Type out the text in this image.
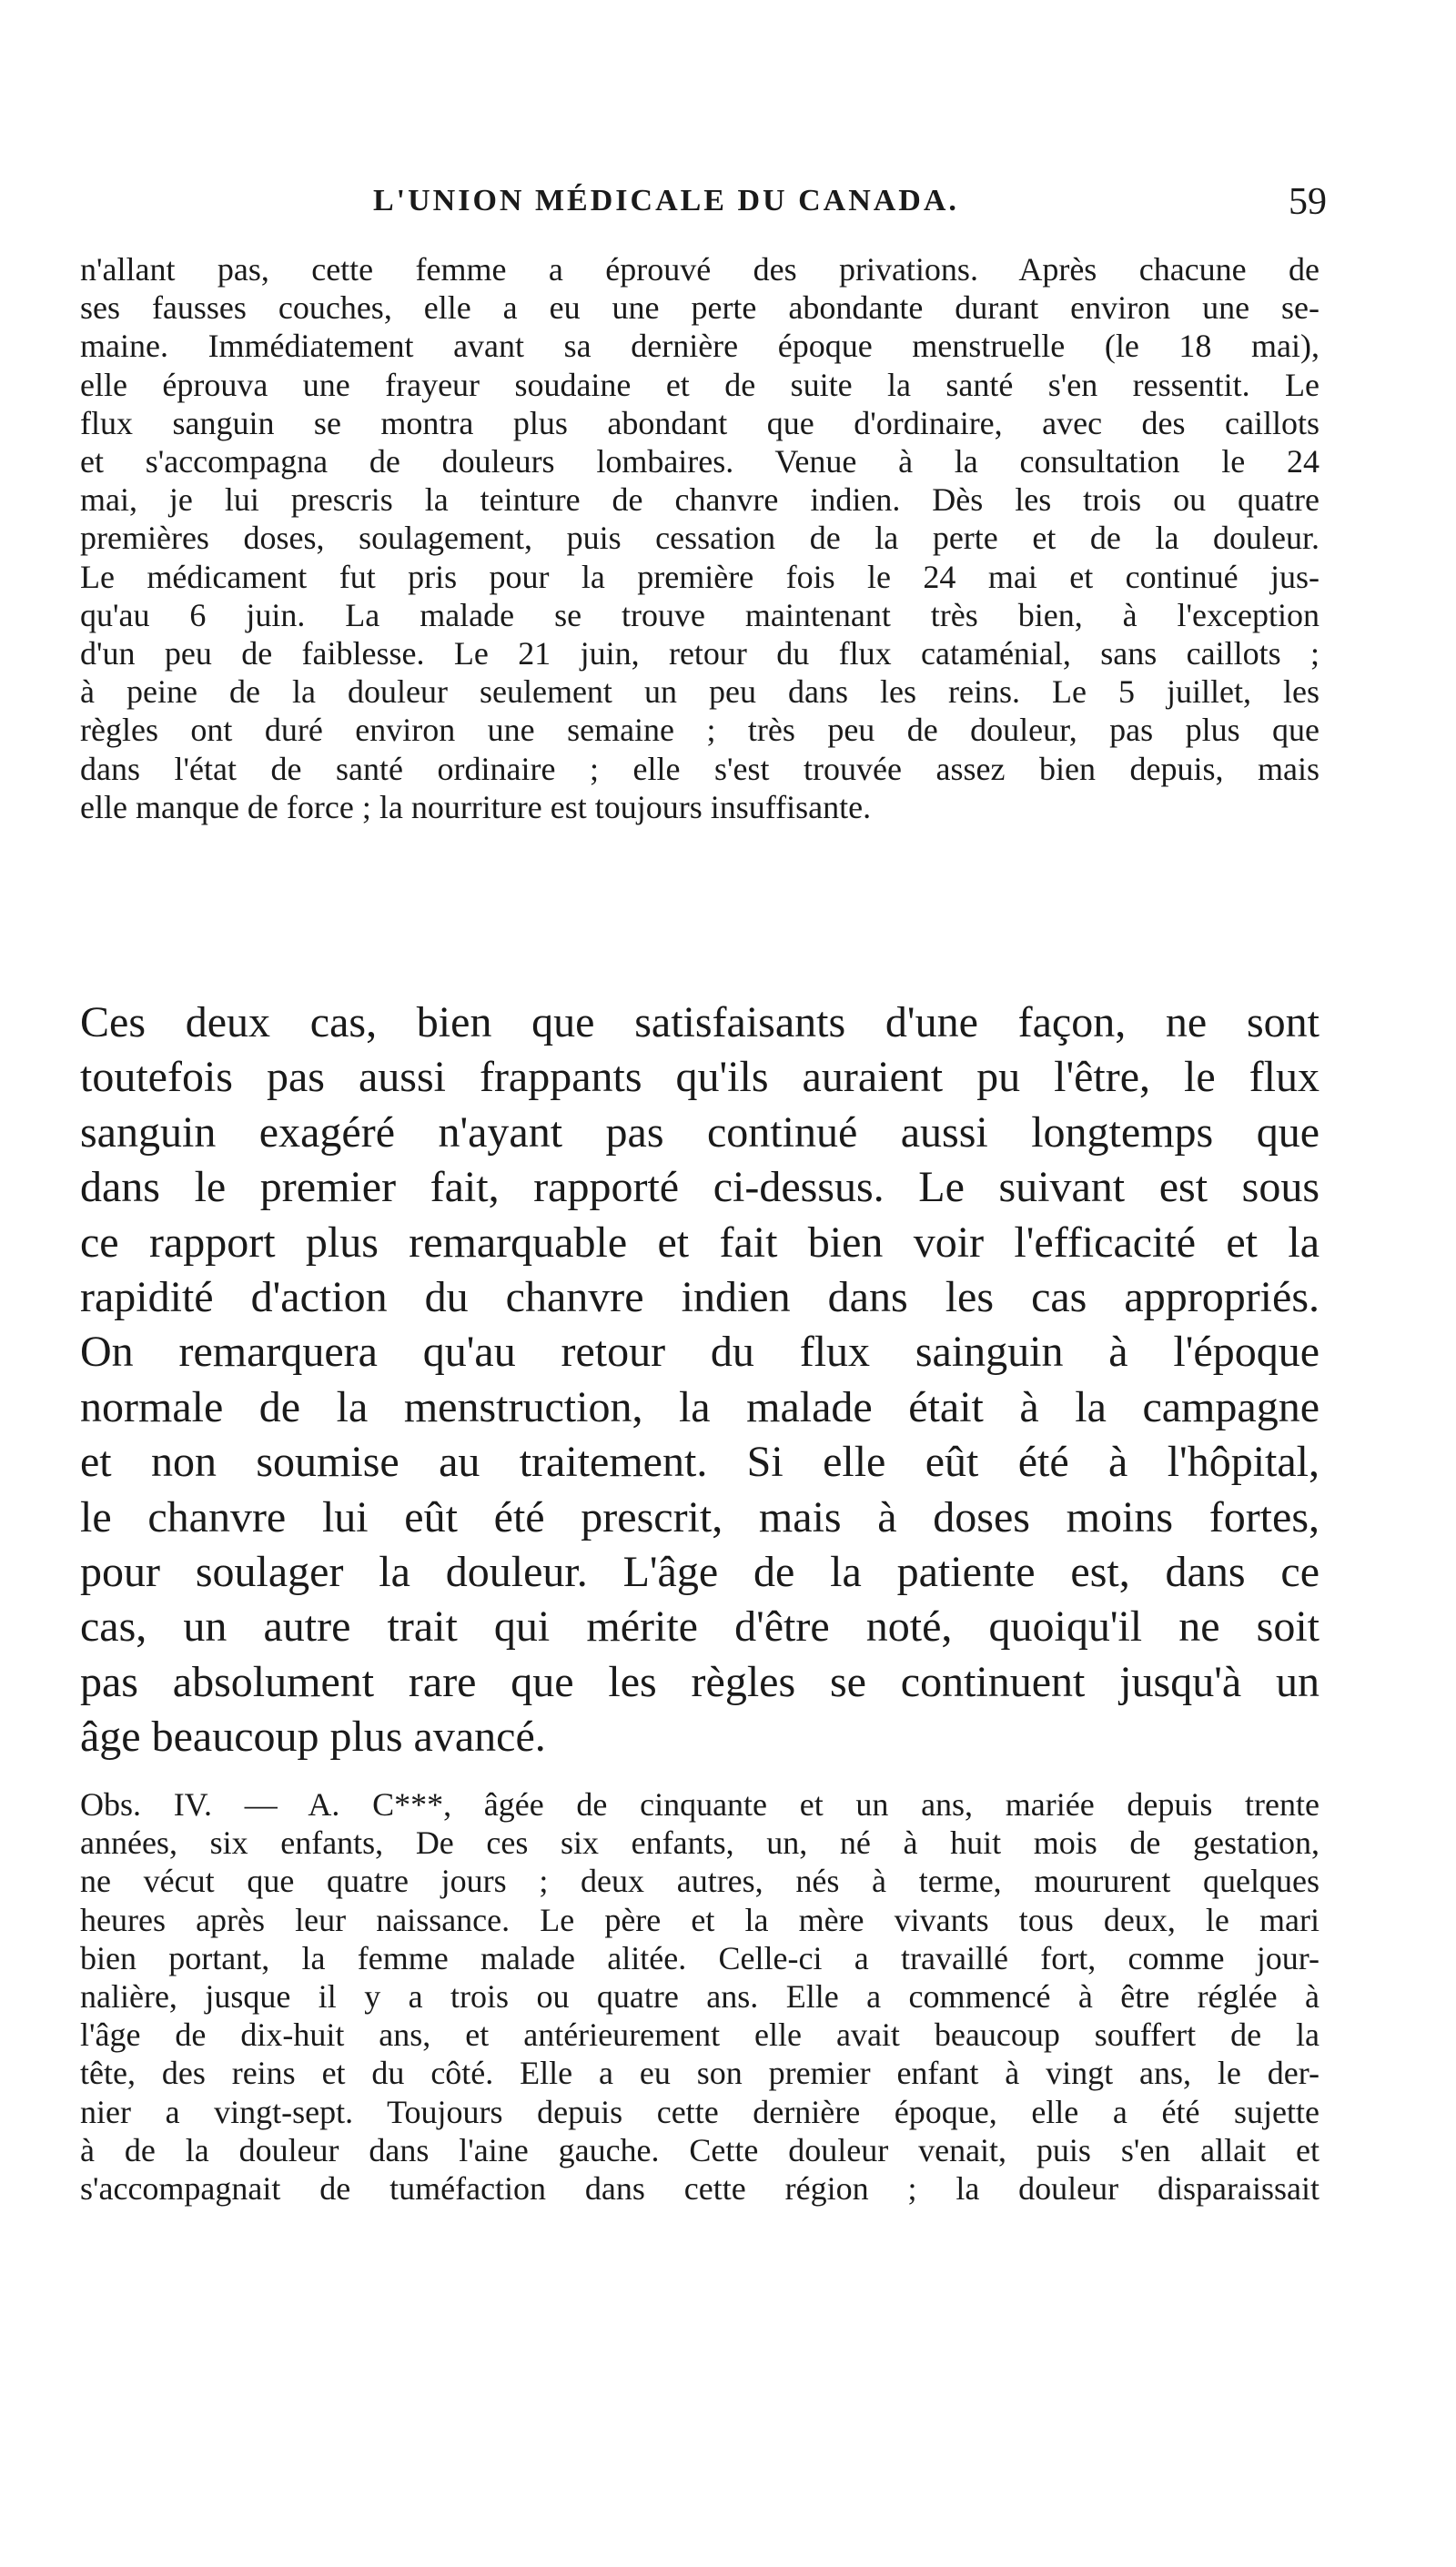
L'UNION MÉDICALE DU CANADA.	59
n'allant pas, cette femme a éprouvé des privations. Après chacune de
ses fausses couches, elle a eu une perte abondante durant environ une se-
maine. Immédiatement avant sa dernière époque menstruelle (le 18 mai),
elle éprouva une frayeur soudaine et de suite la santé s'en ressentit. Le
flux sanguin se montra plus abondant que d'ordinaire, avec des caillots
et s'accompagna de douleurs lombaires. Venue à la consultation le 24
mai, je lui prescris la teinture de chanvre indien. Dès les trois ou quatre
premières doses, soulagement, puis cessation de la perte et de la douleur.
Le médicament fut pris pour la première fois le 24 mai et continué jus-
qu'au 6 juin. La malade se trouve maintenant très bien, à l'exception
d'un peu de faiblesse. Le 21 juin, retour du flux cataménial, sans caillots ;
à peine de la douleur seulement un peu dans les reins. Le 5 juillet, les
règles ont duré environ une semaine ; très peu de douleur, pas plus que
dans l'état de santé ordinaire ; elle s'est trouvée assez bien depuis, mais
elle manque de force ; la nourriture est toujours insuffisante.
Ces deux cas, bien que satisfaisants d'une façon, ne sont
toutefois pas aussi frappants qu'ils auraient pu l'être, le flux
sanguin exagéré n'ayant pas continué aussi longtemps que
dans le premier fait, rapporté ci-dessus. Le suivant est sous
ce rapport plus remarquable et fait bien voir l'efficacité et la
rapidité d'action du chanvre indien dans les cas appropriés.
On remarquera qu'au retour du flux sainguin à l'époque
normale de la menstruction, la malade était à la campagne
et non soumise au traitement. Si elle eût été à l'hôpital,
le chanvre lui eût été prescrit, mais à doses moins fortes,
pour soulager la douleur. L'âge de la patiente est, dans ce
cas, un autre trait qui mérite d'être noté, quoiqu'il ne soit
pas absolument rare que les règles se continuent jusqu'à un
âge beaucoup plus avancé.
Obs. IV. — A. C***, âgée de cinquante et un ans, mariée depuis trente
années, six enfants, De ces six enfants, un, né à huit mois de gestation,
ne vécut que quatre jours ; deux autres, nés à terme, moururent quelques
heures après leur naissance. Le père et la mère vivants tous deux, le mari
bien portant, la femme malade alitée. Celle-ci a travaillé fort, comme jour-
nalière, jusque il y a trois ou quatre ans. Elle a commencé à être réglée à
l'âge de dix-huit ans, et antérieurement elle avait beaucoup souffert de la
tête, des reins et du côté. Elle a eu son premier enfant à vingt ans, le der-
nier a vingt-sept. Toujours depuis cette dernière époque, elle a été sujette
à de la douleur dans l'aine gauche. Cette douleur venait, puis s'en allait et
s'accompagnait de tuméfaction dans cette région ; la douleur disparaissait
